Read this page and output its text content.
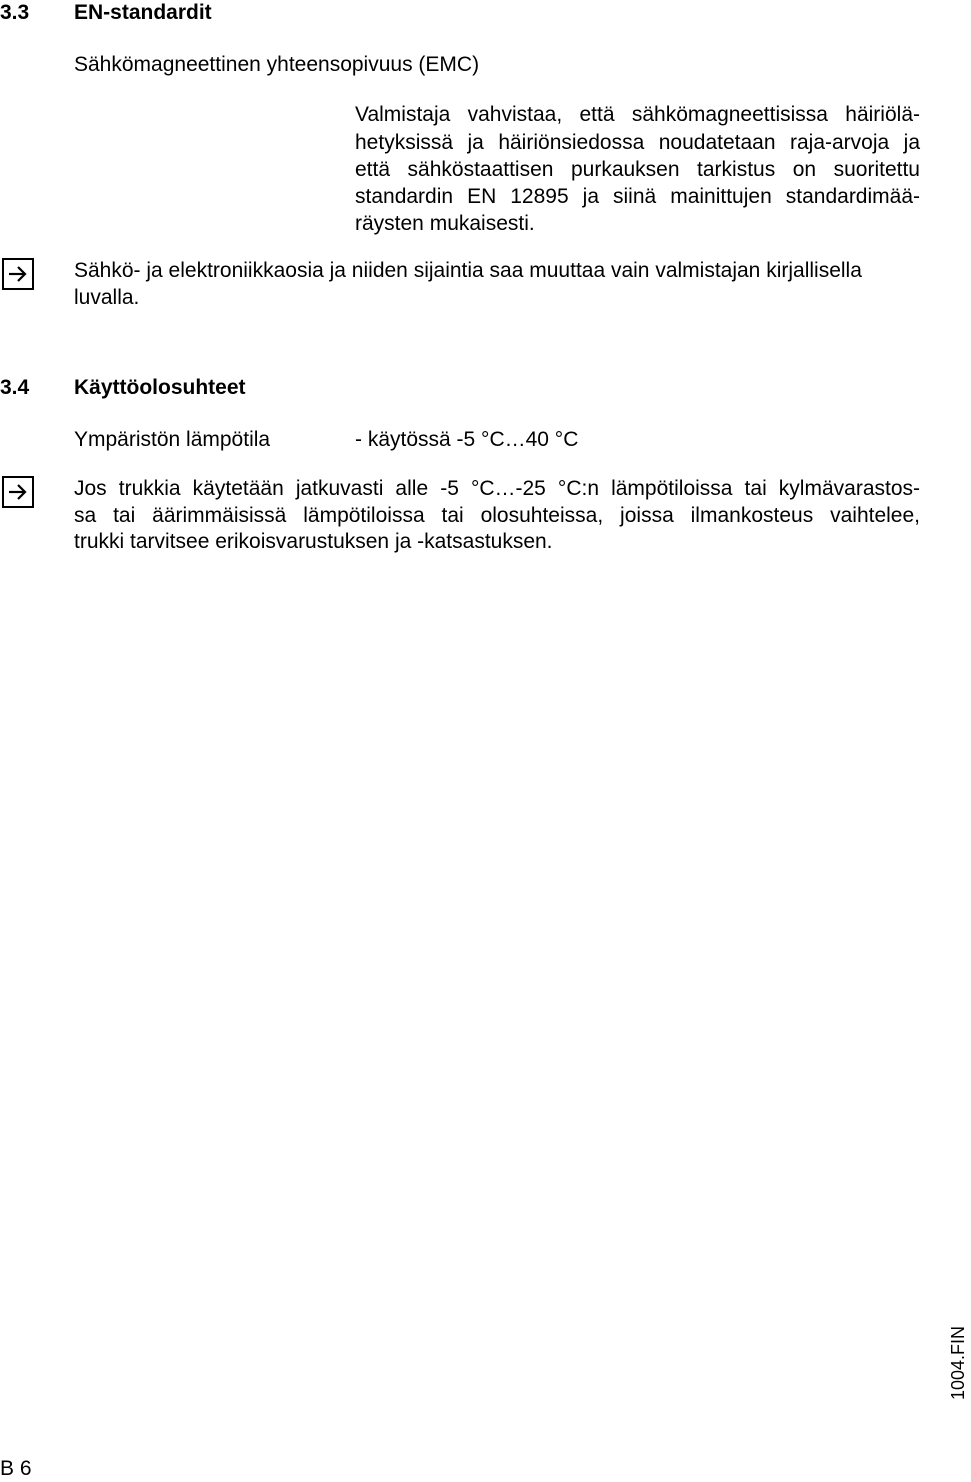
3.3 EN-standardit
Sähkömagneettinen yhteensopivuus (EMC)
Valmistaja vahvistaa, että sähkömagneettisissa häiriölä-
hetyksissä ja häiriönsiedossa noudatetaan raja-arvoja ja
että sähköstaattisen purkauksen tarkistus on suoritettu
standardin EN 12895 ja siinä mainittujen standardimää-
räysten mukaisesti.
Sähkö- ja elektroniikkaosia ja niiden sijaintia saa muuttaa vain valmistajan kirjallisella
luvalla.
3.4 Käyttöolosuhteet
Ympäristön lämpötila	- käytössä -5 °C…40 °C
Jos trukkia käytetään jatkuvasti alle -5 °C…-25 °C:n lämpötiloissa tai kylmävarastos-
sa tai äärimmäisissä lämpötiloissa tai olosuhteissa, joissa ilmankosteus vaihtelee,
trukki tarvitsee erikoisvarustuksen ja -katsastuksen.
B 6
1004.FIN
